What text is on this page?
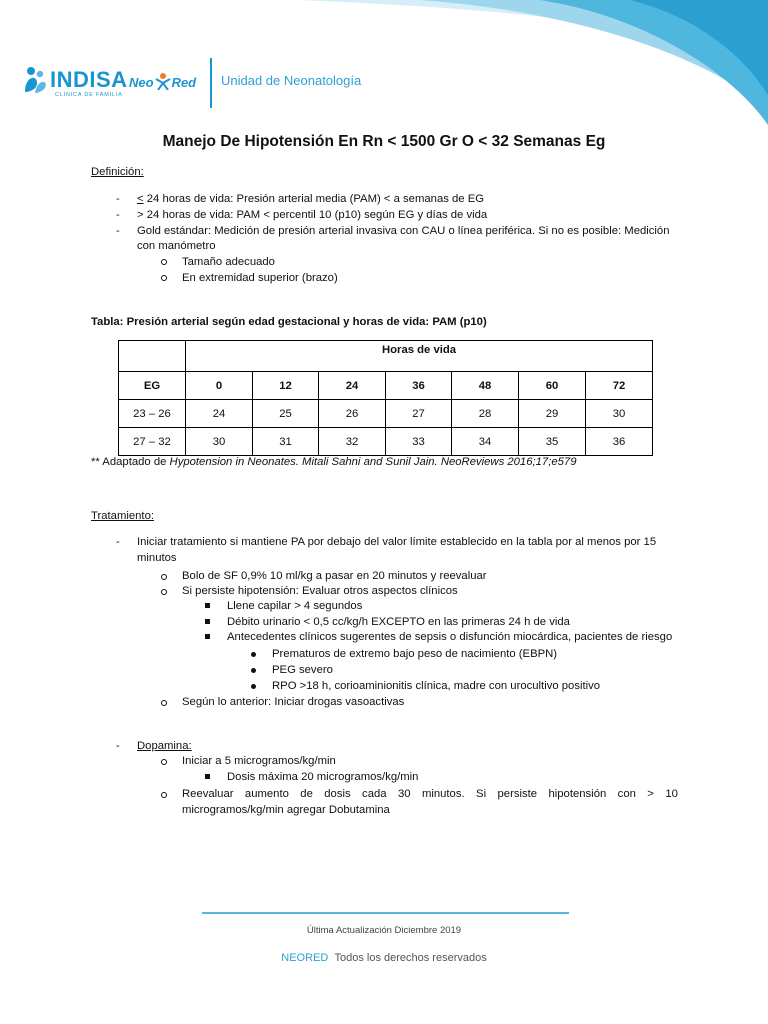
INDISA
CLÍNICA DE FAMILIA
Neo Red Unidad de Neonatología
Manejo De Hipotensión En Rn < 1500 Gr O < 32 Semanas Eg
Definición:
- < 24 horas de vida: Presión arterial media (PAM) < a semanas de EG
- > 24 horas de vida: PAM < percentil 10 (p10) según EG y días de vida
- Gold estándar: Medición de presión arterial invasiva con CAU o línea periférica. Si no es posible: Medición
con manómetro
Tamaño adecuado
En extremidad superior (brazo)
Tabla: Presión arterial según edad gestacional y horas de vida: PAM (p10)
	Horas de vida						
EG	0	12	24	36	48	60	72
23 – 26	24	25	26	27	28	29	30
27 – 32	30	31	32	33	34	35	36
** Adaptado de Hypotension in Neonates. Mitali Sahni and Sunil Jain. NeoReviews 2016;17;e579
Tratamiento:
- Iniciar tratamiento si mantiene PA por debajo del valor límite establecido en la tabla por al menos por 15
minutos
Bolo de SF 0,9% 10 ml/kg a pasar en 20 minutos y reevaluar
Si persiste hipotensión: Evaluar otros aspectos clínicos
Llene capilar > 4 segundos
Débito urinario < 0,5 cc/kg/h EXCEPTO en las primeras 24 h de vida
Antecedentes clínicos sugerentes de sepsis o disfunción miocárdica, pacientes de riesgo
Prematuros de extremo bajo peso de nacimiento (EBPN)
PEG severo
RPO >18 h, corioaminionitis clínica, madre con urocultivo positivo
Según lo anterior: Iniciar drogas vasoactivas
- Dopamina:
Iniciar a 5 microgramos/kg/min
Dosis máxima 20 microgramos/kg/min
Reevaluar aumento de dosis cada 30 minutos. Si persiste hipotensión con > 10
microgramos/kg/min agregar Dobutamina
Última Actualización Diciembre 2019
NEORED Todos los derechos reservados
